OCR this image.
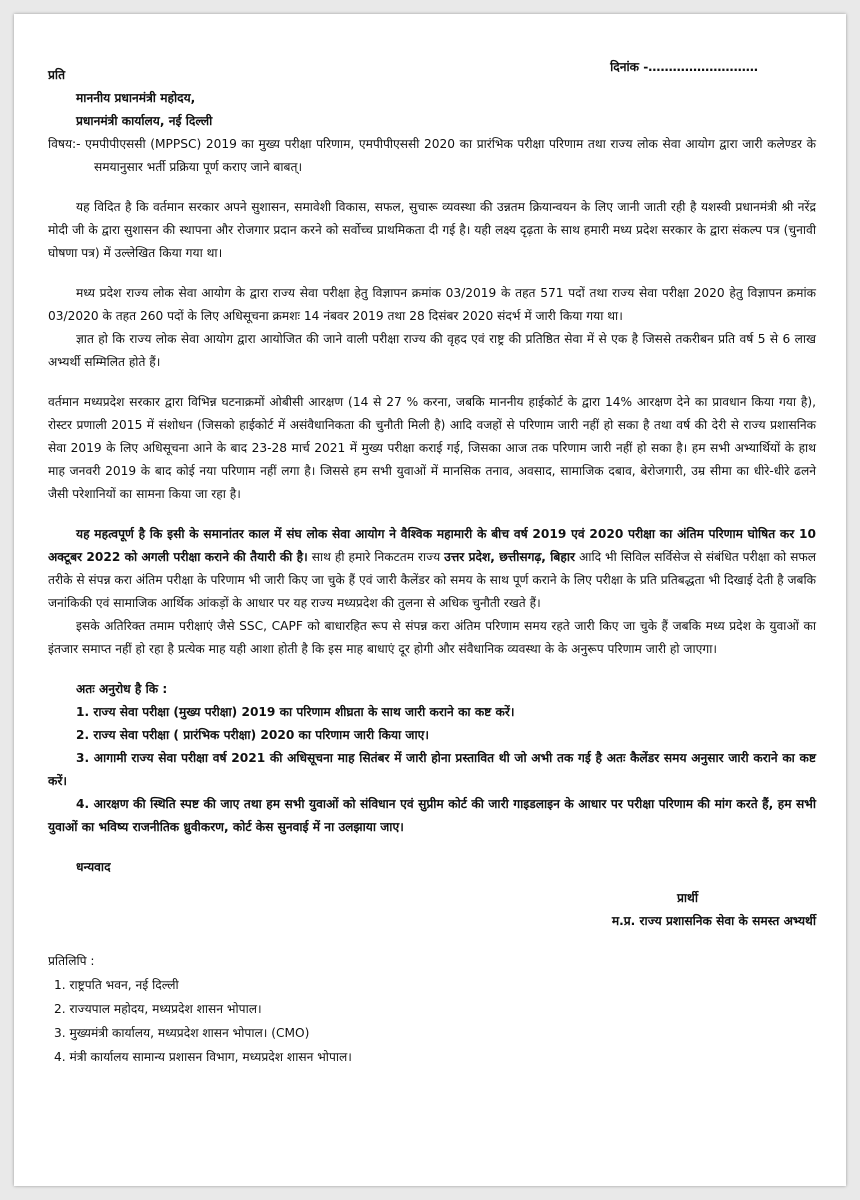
दिनांक -………………………

प्रति

माननीय प्रधानमंत्री महोदय,

प्रधानमंत्री कार्यालय, नई दिल्ली

विषय:- एमपीपीएससी (MPPSC) 2019 का मुख्य परीक्षा परिणाम, एमपीपीएससी 2020 का प्रारंभिक परीक्षा परिणाम तथा राज्य लोक सेवा आयोग द्वारा जारी कलेण्डर के समयानुसार भर्ती प्रक्रिया पूर्ण कराए जाने बाबत्।

यह विदित है कि वर्तमान सरकार अपने सुशासन, समावेशी विकास, सफल, सुचारू व्यवस्था की उन्नतम क्रियान्वयन के लिए जानी जाती रही है यशस्वी प्रधानमंत्री श्री नरेंद्र मोदी जी के द्वारा सुशासन की स्थापना और रोजगार प्रदान करने को सर्वोच्च प्राथमिकता दी गई है। यही लक्ष्य दृढ़ता के साथ हमारी मध्य प्रदेश सरकार के द्वारा संकल्प पत्र (चुनावी घोषणा पत्र) में उल्लेखित किया गया था।

मध्य प्रदेश राज्य लोक सेवा आयोग के द्वारा राज्य सेवा परीक्षा हेतु विज्ञापन क्रमांक 03/2019 के तहत 571 पदों तथा राज्य सेवा परीक्षा 2020 हेतु विज्ञापन क्रमांक 03/2020 के तहत 260 पदों के लिए अधिसूचना क्रमशः 14 नंबवर 2019 तथा 28 दिसंबर 2020 संदर्भ में जारी किया गया था।

ज्ञात हो कि राज्य लोक सेवा आयोग द्वारा आयोजित की जाने वाली परीक्षा राज्य की वृहद एवं राष्ट्र की प्रतिष्ठित सेवा में से एक है जिससे तकरीबन प्रति वर्ष 5 से 6 लाख अभ्यर्थी सम्मिलित होते हैं।

वर्तमान मध्यप्रदेश सरकार द्वारा विभिन्न घटनाक्रमों ओबीसी आरक्षण (14 से 27 % करना, जबकि माननीय हाईकोर्ट के द्वारा 14% आरक्षण देने का प्रावधान किया गया है), रोस्टर प्रणाली 2015 में संशोधन (जिसको हाईकोर्ट में असंवैधानिकता की चुनौती मिली है) आदि वजहों से परिणाम जारी नहीं हो सका है तथा वर्ष की देरी से राज्य प्रशासनिक सेवा 2019 के लिए अधिसूचना आने के बाद 23-28 मार्च 2021 में मुख्य परीक्षा कराई गई, जिसका आज तक परिणाम जारी नहीं हो सका है। हम सभी अभ्यार्थियों के हाथ माह जनवरी 2019 के बाद कोई नया परिणाम नहीं लगा है। जिससे हम सभी युवाओं में मानसिक तनाव, अवसाद, सामाजिक दबाव, बेरोजगारी, उम्र सीमा का धीरे-धीरे ढलने जैसी परेशानियों का सामना किया जा रहा है।

यह महत्वपूर्ण है कि इसी के समानांतर काल में संघ लोक सेवा आयोग ने वैश्विक महामारी के बीच वर्ष 2019 एवं 2020 परीक्षा का अंतिम परिणाम घोषित कर 10 अक्टूबर 2022 को अगली परीक्षा कराने की तैयारी की है। साथ ही हमारे निकटतम राज्य उत्तर प्रदेश, छत्तीसगढ़, बिहार आदि भी सिविल सर्विसेज से संबंधित परीक्षा को सफल तरीके से संपन्न करा अंतिम परीक्षा के परिणाम भी जारी किए जा चुके हैं एवं जारी कैलेंडर को समय के साथ पूर्ण कराने के लिए परीक्षा के प्रति प्रतिबद्धता भी दिखाई देती है जबकि जनांकिकी एवं सामाजिक आर्थिक आंकड़ों के आधार पर यह राज्य मध्यप्रदेश की तुलना से अधिक चुनौती रखते हैं।

इसके अतिरिक्त तमाम परीक्षाएं जैसे SSC, CAPF को बाधारहित रूप से संपन्न करा अंतिम परिणाम समय रहते जारी किए जा चुके हैं जबकि मध्य प्रदेश के युवाओं का इंतजार समाप्त नहीं हो रहा है प्रत्येक माह यही आशा होती है कि इस माह बाधाएं दूर होगी और संवैधानिक व्यवस्था के के अनुरूप परिणाम जारी हो जाएगा।

अतः अनुरोध है कि :

1. राज्य सेवा परीक्षा (मुख्य परीक्षा) 2019 का परिणाम शीघ्रता के साथ जारी कराने का कष्ट करें।

2. राज्य सेवा परीक्षा ( प्रारंभिक परीक्षा) 2020 का परिणाम जारी किया जाए।

3. आगामी राज्य सेवा परीक्षा वर्ष 2021 की अधिसूचना माह सितंबर में जारी होना प्रस्तावित थी जो अभी तक गई है अतः कैलेंडर समय अनुसार जारी कराने का कष्ट करें।

4. आरक्षण की स्थिति स्पष्ट की जाए तथा हम सभी युवाओं को संविधान एवं सुप्रीम कोर्ट की जारी गाइडलाइन के आधार पर परीक्षा परिणाम की मांग करते हैं, हम सभी युवाओं का भविष्य राजनीतिक ध्रुवीकरण, कोर्ट केस सुनवाई में ना उलझाया जाए।

धन्यवाद

प्रार्थी
म.प्र. राज्य प्रशासनिक सेवा के समस्त अभ्यर्थी

प्रतिलिपि :

1. राष्ट्रपति भवन, नई दिल्ली
2. राज्यपाल महोदय, मध्यप्रदेश शासन भोपाल।
3. मुख्यमंत्री कार्यालय, मध्यप्रदेश शासन भोपाल। (CMO)
4. मंत्री कार्यालय सामान्य प्रशासन विभाग, मध्यप्रदेश शासन भोपाल।
